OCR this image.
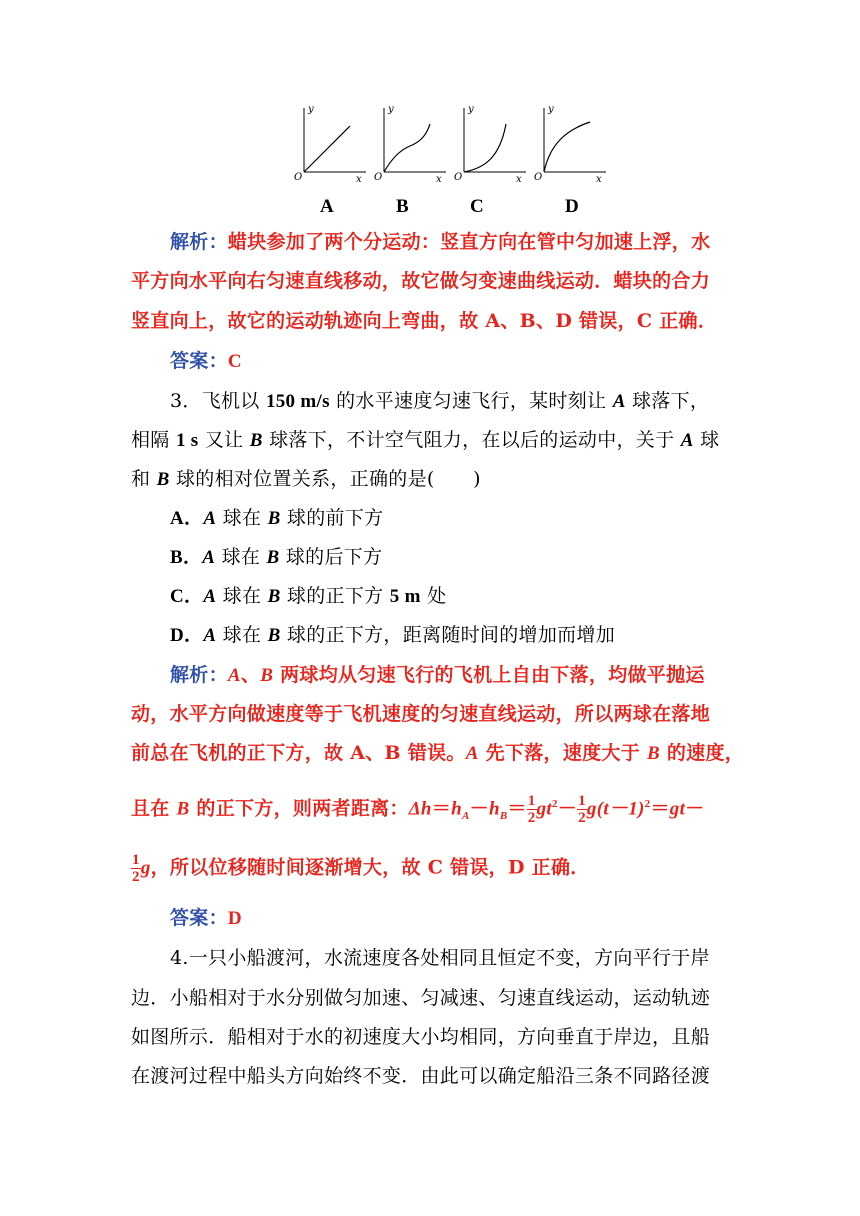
y
x
O
y
x
O
y
x
O
y
x
O
A	B	C	D
解析：蜡块参加了两个分运动：竖直方向在管中匀加速上浮，水
平方向水平向右匀速直线移动，故它做匀变速曲线运动．蜡块的合力
竖直向上，故它的运动轨迹向上弯曲，故 A、B、D 错误，C 正确．
答案：C
3．飞机以 150 m/s 的水平速度匀速飞行，某时刻让 A 球落下，
相隔 1 s 又让 B 球落下，不计空气阻力，在以后的运动中，关于 A 球
和 B 球的相对位置关系，正确的是(　　)
A．A 球在 B 球的前下方
B．A 球在 B 球的后下方
C．A 球在 B 球的正下方 5 m 处
D．A 球在 B 球的正下方，距离随时间的增加而增加
解析：A、B 两球均从匀速飞行的飞机上自由下落，均做平抛运
动，水平方向做速度等于飞机速度的匀速直线运动，所以两球在落地
前总在飞机的正下方，故 A、B 错误。A 先下落，速度大于 B 的速度，
且在 B 的正下方，则两者距离：$\Delta h=h_A-h_B= \frac{1}{2} gt^2- \frac{1}{2} g(t-1)^2=gt-$
$\frac{1}{2}$ g，所以位移随时间逐渐增大，故 C 错误，D 正确．
答案：D
4.一只小船渡河，水流速度各处相同且恒定不变，方向平行于岸
边．小船相对于水分别做匀加速、匀减速、匀速直线运动，运动轨迹
如图所示．船相对于水的初速度大小均相同，方向垂直于岸边，且船
在渡河过程中船头方向始终不变．由此可以确定船沿三条不同路径渡
